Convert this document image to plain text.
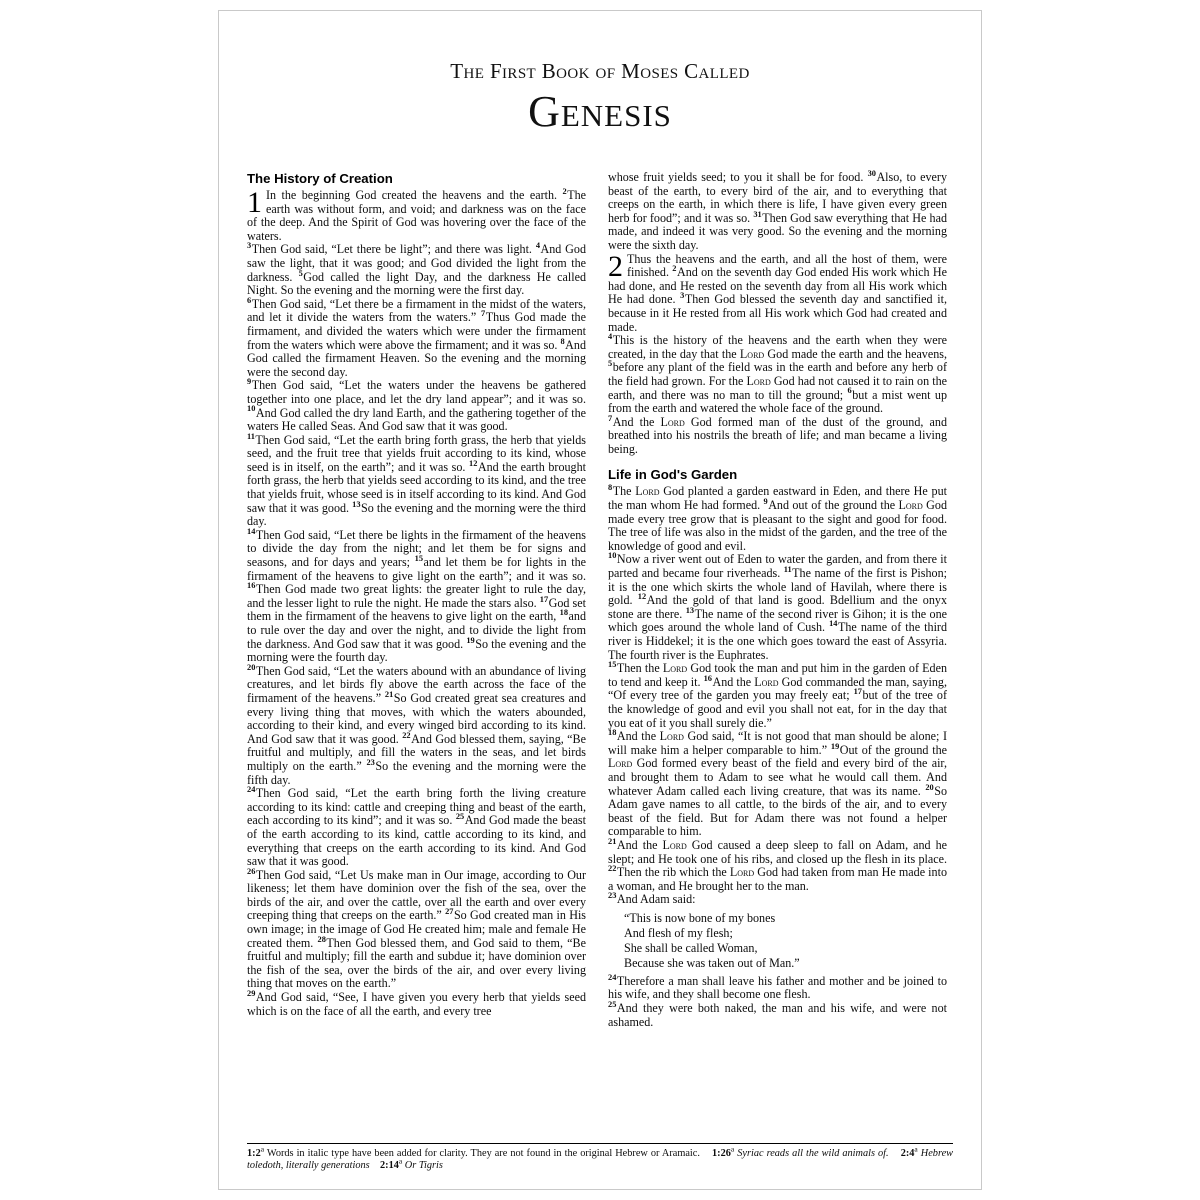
The First Book of Moses Called
Genesis
The History of Creation

1 In the beginning God created the heavens and the earth. $^2$The earth was without form, and void; and darkness was on the face of the deep. And the Spirit of God was hovering over the face of the waters.

$^3$Then God said, “Let there be light”; and there was light. $^4$And God saw the light, that it was good; and God divided the light from the darkness. $^5$God called the light Day, and the darkness He called Night. So the evening and the morning were the first day.

$^6$Then God said, “Let there be a firmament in the midst of the waters, and let it divide the waters from the waters.” $^7$Thus God made the firmament, and divided the waters which were under the firmament from the waters which were above the firmament; and it was so. $^8$And God called the firmament Heaven. So the evening and the morning were the second day.

$^9$Then God said, “Let the waters under the heavens be gathered together into one place, and let the dry land appear”; and it was so. $^{10}$And God called the dry land Earth, and the gathering together of the waters He called Seas. And God saw that it was good.

$^{11}$Then God said, “Let the earth bring forth grass, the herb that yields seed, and the fruit tree that yields fruit according to its kind, whose seed is in itself, on the earth”; and it was so. $^{12}$And the earth brought forth grass, the herb that yields seed according to its kind, and the tree that yields fruit, whose seed is in itself according to its kind. And God saw that it was good. $^{13}$So the evening and the morning were the third day.

$^{14}$Then God said, “Let there be lights in the firmament of the heavens to divide the day from the night; and let them be for signs and seasons, and for days and years; $^{15}$and let them be for lights in the firmament of the heavens to give light on the earth”; and it was so. $^{16}$Then God made two great lights: the greater light to rule the day, and the lesser light to rule the night. He made the stars also. $^{17}$God set them in the firmament of the heavens to give light on the earth, $^{18}$and to rule over the day and over the night, and to divide the light from the darkness. And God saw that it was good. $^{19}$So the evening and the morning were the fourth day.

$^{20}$Then God said, “Let the waters abound with an abundance of living creatures, and let birds fly above the earth across the face of the firmament of the heavens.” $^{21}$So God created great sea creatures and every living thing that moves, with which the waters abounded, according to their kind, and every winged bird according to its kind. And God saw that it was good. $^{22}$And God blessed them, saying, “Be fruitful and multiply, and fill the waters in the seas, and let birds multiply on the earth.” $^{23}$So the evening and the morning were the fifth day.

$^{24}$Then God said, “Let the earth bring forth the living creature according to its kind: cattle and creeping thing and beast of the earth, each according to its kind”; and it was so. $^{25}$And God made the beast of the earth according to its kind, cattle according to its kind, and everything that creeps on the earth according to its kind. And God saw that it was good.

$^{26}$Then God said, “Let Us make man in Our image, according to Our likeness; let them have dominion over the fish of the sea, over the birds of the air, and over the cattle, over all the earth and over every creeping thing that creeps on the earth.” $^{27}$So God created man in His own image; in the image of God He created him; male and female He created them. $^{28}$Then God blessed them, and God said to them, “Be fruitful and multiply; fill the earth and subdue it; have dominion over the fish of the sea, over the birds of the air, and over every living thing that moves on the earth.”

$^{29}$And God said, “See, I have given you every herb that yields seed which is on the face of all the earth, and every tree

whose fruit yields seed; to you it shall be for food. $^{30}$Also, to every beast of the earth, to every bird of the air, and to everything that creeps on the earth, in which there is life, I have given every green herb for food”; and it was so. $^{31}$Then God saw everything that He had made, and indeed it was very good. So the evening and the morning were the sixth day.

2 Thus the heavens and the earth, and all the host of them, were finished. $^2$And on the seventh day God ended His work which He had done, and He rested on the seventh day from all His work which He had done. $^3$Then God blessed the seventh day and sanctified it, because in it He rested from all His work which God had created and made.

$^4$This is the history of the heavens and the earth when they were created, in the day that the Lord God made the earth and the heavens, $^5$before any plant of the field was in the earth and before any herb of the field had grown. For the Lord God had not caused it to rain on the earth, and there was no man to till the ground; $^6$but a mist went up from the earth and watered the whole face of the ground.

$^7$And the Lord God formed man of the dust of the ground, and breathed into his nostrils the breath of life; and man became a living being.

Life in God's Garden

$^8$The Lord God planted a garden eastward in Eden, and there He put the man whom He had formed. $^9$And out of the ground the Lord God made every tree grow that is pleasant to the sight and good for food. The tree of life was also in the midst of the garden, and the tree of the knowledge of good and evil.

$^{10}$Now a river went out of Eden to water the garden, and from there it parted and became four riverheads. $^{11}$The name of the first is Pishon; it is the one which skirts the whole land of Havilah, where there is gold. $^{12}$And the gold of that land is good. Bdellium and the onyx stone are there. $^{13}$The name of the second river is Gihon; it is the one which goes around the whole land of Cush. $^{14}$The name of the third river is Hiddekel; it is the one which goes toward the east of Assyria. The fourth river is the Euphrates.

$^{15}$Then the Lord God took the man and put him in the garden of Eden to tend and keep it. $^{16}$And the Lord God commanded the man, saying, “Of every tree of the garden you may freely eat; $^{17}$but of the tree of the knowledge of good and evil you shall not eat, for in the day that you eat of it you shall surely die.”

$^{18}$And the Lord God said, “It is not good that man should be alone; I will make him a helper comparable to him.” $^{19}$Out of the ground the Lord God formed every beast of the field and every bird of the air, and brought them to Adam to see what he would call them. And whatever Adam called each living creature, that was its name. $^{20}$So Adam gave names to all cattle, to the birds of the air, and to every beast of the field. But for Adam there was not found a helper comparable to him.

$^{21}$And the Lord God caused a deep sleep to fall on Adam, and he slept; and He took one of his ribs, and closed up the flesh in its place. $^{22}$Then the rib which the Lord God had taken from man He made into a woman, and He brought her to the man.

$^{23}$And Adam said:

“This is now bone of my bones
And flesh of my flesh;
She shall be called Woman,
Because she was taken out of Man.”

$^{24}$Therefore a man shall leave his father and mother and be joined to his wife, and they shall become one flesh.

$^{25}$And they were both naked, the man and his wife, and were not ashamed.

1:2$^a$ Words in italic type have been added for clarity. They are not found in the original Hebrew or Aramaic. 1:26$^a$ Syriac reads all the wild animals of. 2:4$^a$ Hebrew toledoth, literally generations 2:14$^a$ Or Tigris
